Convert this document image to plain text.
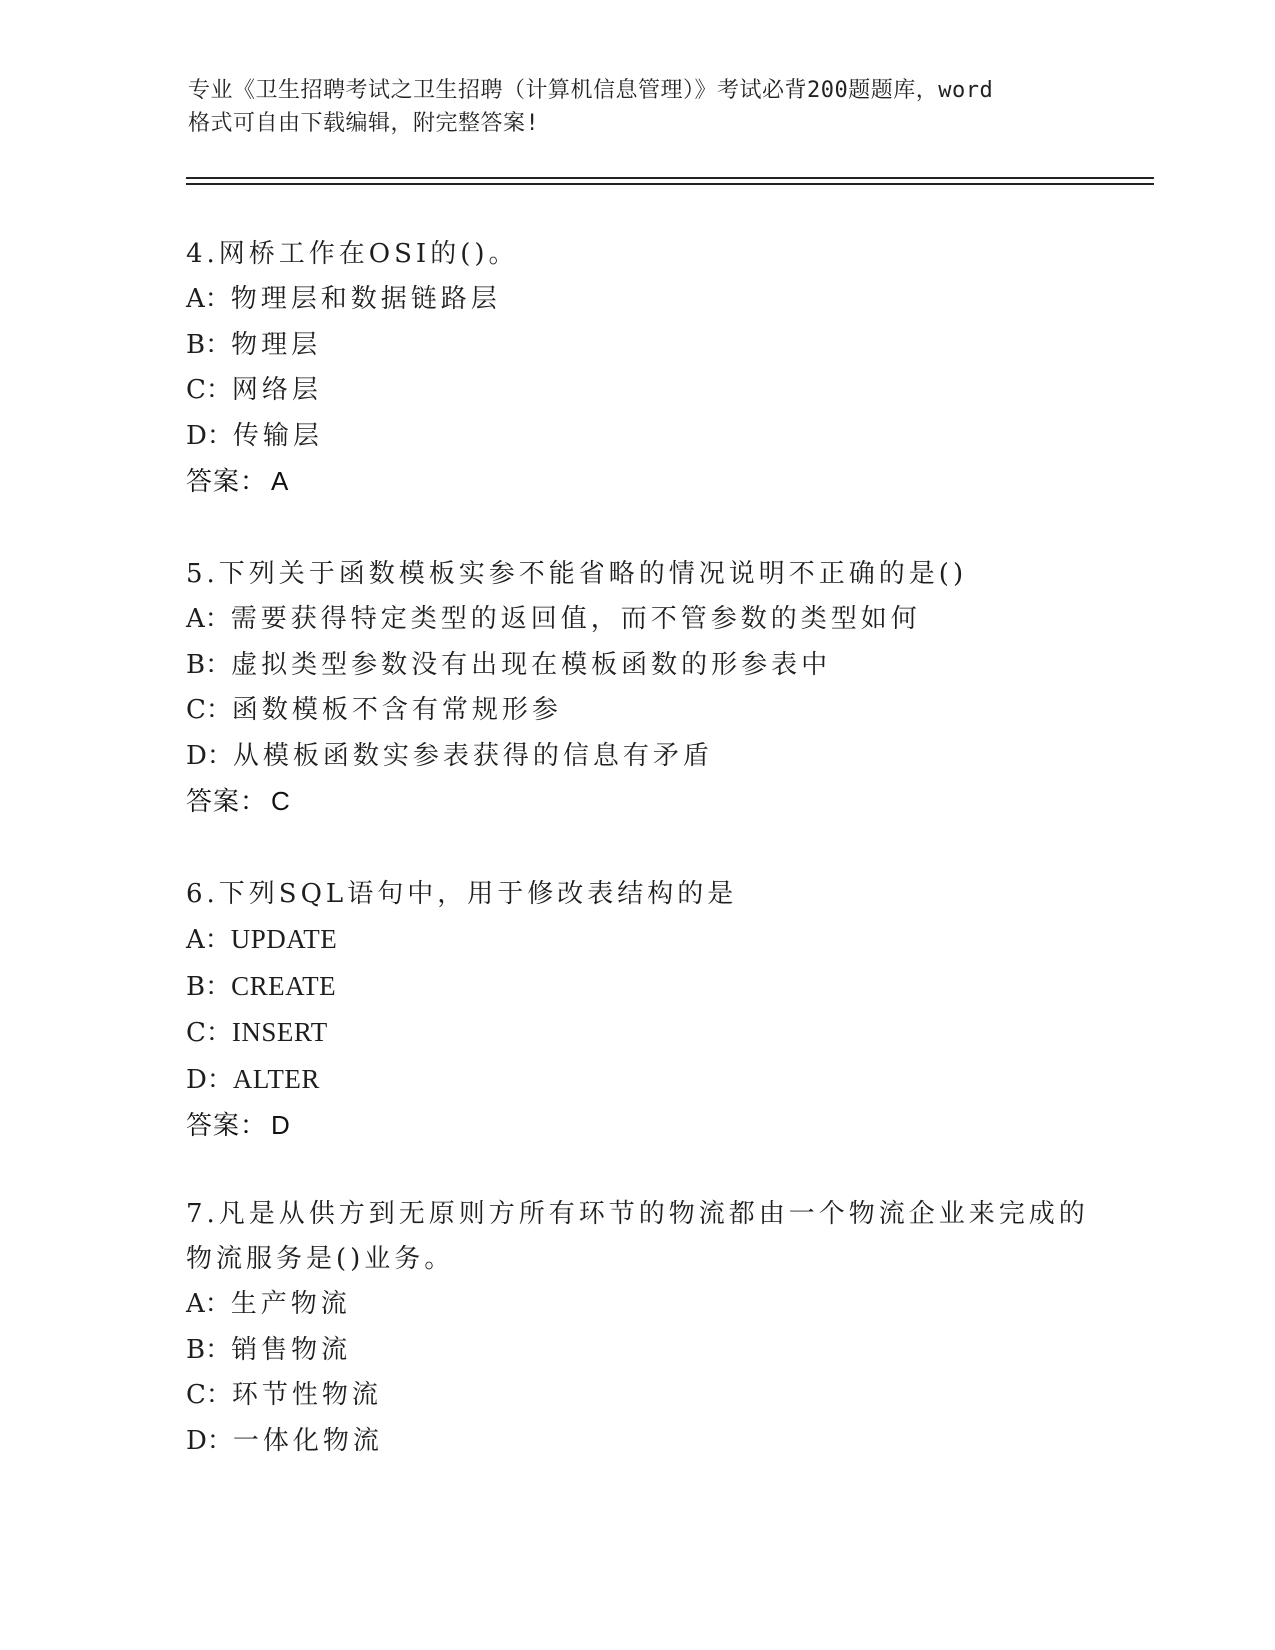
专业《卫生招聘考试之卫生招聘（计算机信息管理）》考试必背200题题库，word
格式可自由下载编辑，附完整答案!
4.网桥工作在OSI的()。
A：物理层和数据链路层
B：物理层
C：网络层
D：传输层
答案： A
5.下列关于函数模板实参不能省略的情况说明不正确的是()
A：需要获得特定类型的返回值，而不管参数的类型如何
B：虚拟类型参数没有出现在模板函数的形参表中
C：函数模板不含有常规形参
D：从模板函数实参表获得的信息有矛盾
答案： C
6.下列SQL语句中，用于修改表结构的是
A：UPDATE
B：CREATE
C：INSERT
D：ALTER
答案： D
7.凡是从供方到无原则方所有环节的物流都由一个物流企业来完成的
物流服务是()业务。
A：生产物流
B：销售物流
C：环节性物流
D：一体化物流
